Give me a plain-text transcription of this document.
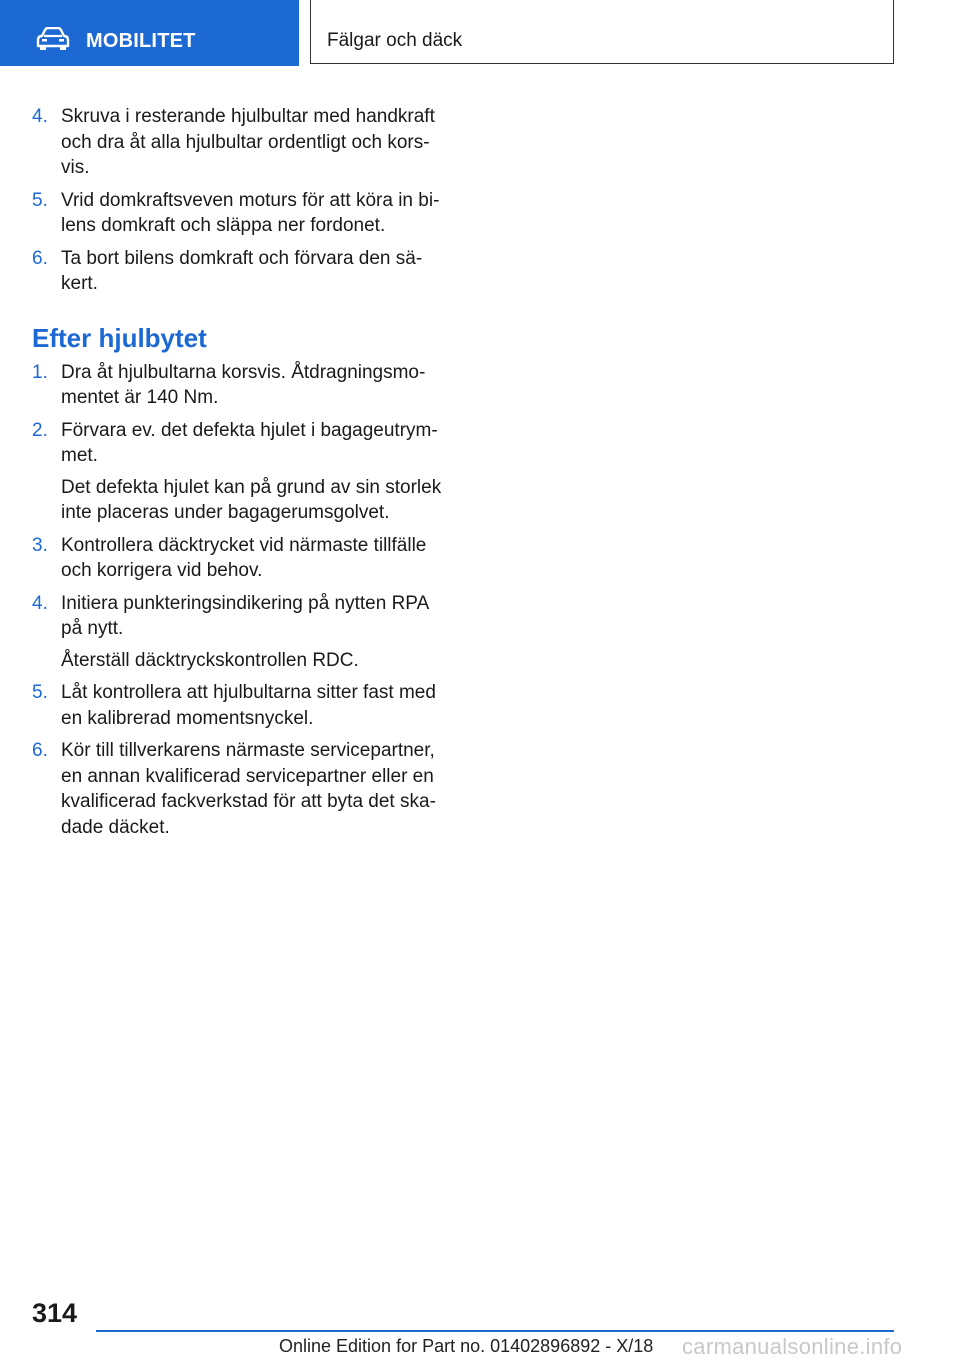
MOBILITET	Fälgar och däck
4. Skruva i resterande hjulbultar med handkraft och dra åt alla hjulbultar ordentligt och korsvis.
5. Vrid domkraftsveven moturs för att köra in bilens domkraft och släppa ner fordonet.
6. Ta bort bilens domkraft och förvara den säkert.
Efter hjulbytet
1. Dra åt hjulbultarna korsvis. Åtdragningsmomentet är 140 Nm.
2. Förvara ev. det defekta hjulet i bagageutrymmet.
Det defekta hjulet kan på grund av sin storlek inte placeras under bagagerumsgolvet.
3. Kontrollera däcktrycket vid närmaste tillfälle och korrigera vid behov.
4. Initiera punkteringsindikering på nytten RPA på nytt.
Återställ däcktryckskontrollen RDC.
5. Låt kontrollera att hjulbultarna sitter fast med en kalibrerad momentsnyckel.
6. Kör till tillverkarens närmaste servicepartner, en annan kvalificerad servicepartner eller en kvalificerad fackverkstad för att byta det skadade däcket.
314
Online Edition for Part no. 01402896892 - X/18 carmanualsonline.info
